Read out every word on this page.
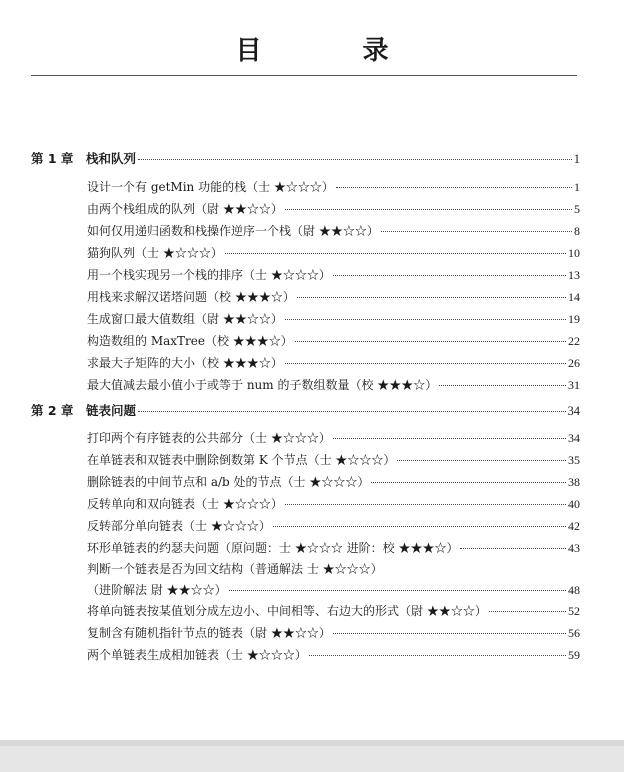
目 录
第 1 章	栈和队列	1
设计一个有 getMin 功能的栈（士 ★☆☆☆）	1
由两个栈组成的队列（尉 ★★☆☆）	5
如何仅用递归函数和栈操作逆序一个栈（尉 ★★☆☆）	8
猫狗队列（士 ★☆☆☆）	10
用一个栈实现另一个栈的排序（士 ★☆☆☆）	13
用栈来求解汉诺塔问题（校 ★★★☆）	14
生成窗口最大值数组（尉 ★★☆☆）	19
构造数组的 MaxTree（校 ★★★☆）	22
求最大子矩阵的大小（校 ★★★☆）	26
最大值减去最小值小于或等于 num 的子数组数量（校 ★★★☆）	31
第 2 章	链表问题	34
打印两个有序链表的公共部分（士 ★☆☆☆）	34
在单链表和双链表中删除倒数第 K 个节点（士 ★☆☆☆）	35
删除链表的中间节点和 a/b 处的节点（士 ★☆☆☆）	38
反转单向和双向链表（士 ★☆☆☆）	40
反转部分单向链表（士 ★☆☆☆）	42
环形单链表的约瑟夫问题（原问题：士 ★☆☆☆ 进阶：校 ★★★☆）	43
判断一个链表是否为回文结构（普通解法 士 ★☆☆☆）
（进阶解法 尉 ★★☆☆）	48
将单向链表按某值划分成左边小、中间相等、右边大的形式（尉 ★★☆☆）	52
复制含有随机指针节点的链表（尉 ★★☆☆）	56
两个单链表生成相加链表（士 ★☆☆☆）	59
